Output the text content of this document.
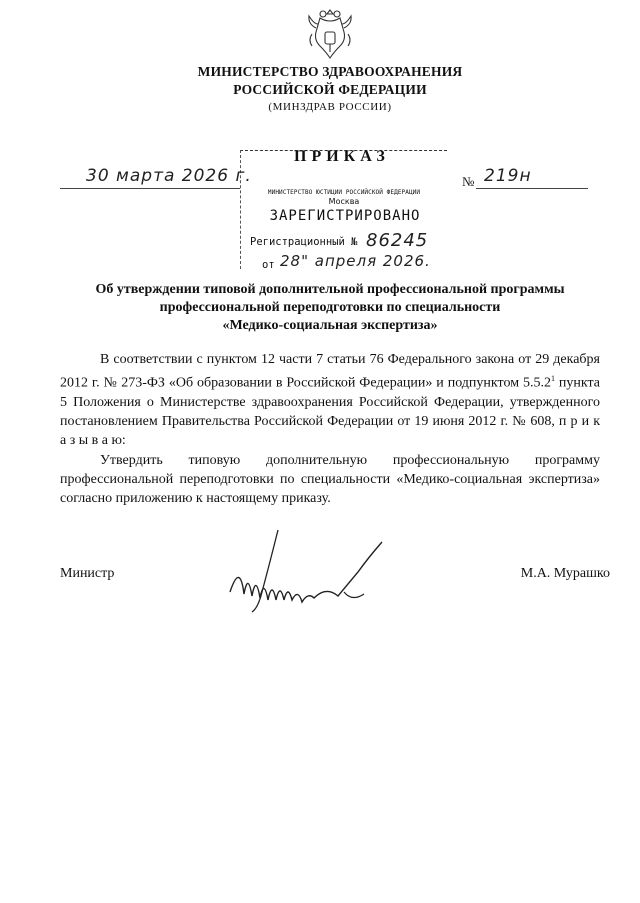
МИНИСТЕРСТВО ЗДРАВООХРАНЕНИЯ
РОССИЙСКОЙ ФЕДЕРАЦИИ
(МИНЗДРАВ РОССИИ)
ПРИКАЗ
30 марта 2026 г.	№ 219н
МИНИСТЕРСТВО ЮСТИЦИИ РОССИЙСКОЙ ФЕДЕРАЦИИ
Москва
ЗАРЕГИСТРИРОВАНО
Регистрационный № 86245
от 28" апреля 2026.
Об утверждении типовой дополнительной профессиональной программы
профессиональной переподготовки по специальности
«Медико-социальная экспертиза»

В соответствии с пунктом 12 части 7 статьи 76 Федерального закона от 29 декабря 2012 г. № 273-ФЗ «Об образовании в Российской Федерации» и подпунктом 5.5.2$^1$ пункта 5 Положения о Министерстве здравоохранения Российской Федерации, утвержденного постановлением Правительства Российской Федерации от 19 июня 2012 г. № 608, п р и к а з ы в а ю:

Утвердить типовую дополнительную профессиональную программу профессиональной переподготовки по специальности «Медико-социальная экспертиза» согласно приложению к настоящему приказу.

Министр	М.А. Мурашко
